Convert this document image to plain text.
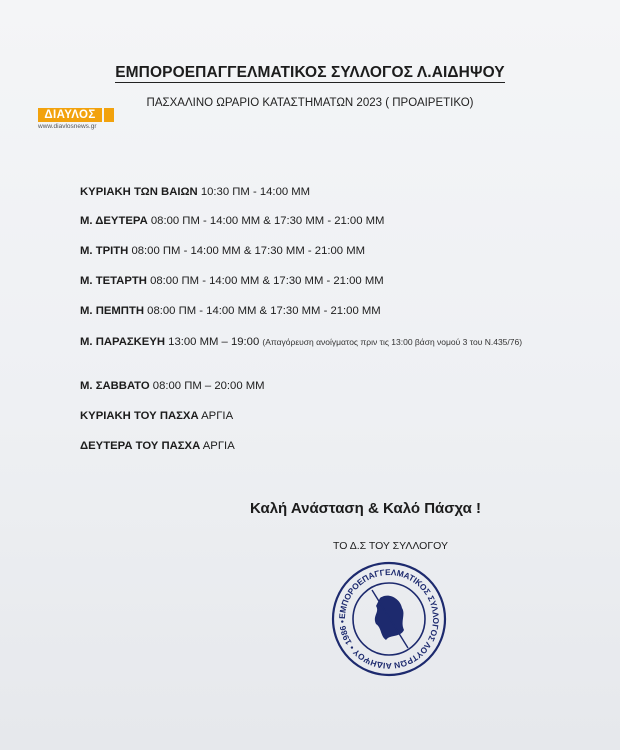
ΕΜΠΟΡΟΕΠΑΓΓΕΛΜΑΤΙΚΟΣ ΣΥΛΛΟΓΟΣ Λ.ΑΙΔΗΨΟΥ
ΠΑΣΧΑΛΙΝΟ ΩΡΑΡΙΟ ΚΑΤΑΣΤΗΜΑΤΩΝ 2023 ( ΠΡΟΑΙΡΕΤΙΚΟ)
ΔΙΑΥΛΟΣ
www.diavlosnews.gr
ΚΥΡΙΑΚΗ ΤΩΝ ΒΑΙΩΝ 10:30 ΠΜ - 14:00 ΜΜ
Μ. ΔΕΥΤΕΡΑ 08:00 ΠΜ - 14:00 ΜΜ & 17:30 ΜΜ - 21:00 ΜΜ
Μ. ΤΡΙΤΗ 08:00 ΠΜ - 14:00 ΜΜ & 17:30 ΜΜ - 21:00 ΜΜ
Μ. ΤΕΤΑΡΤΗ 08:00 ΠΜ - 14:00 ΜΜ & 17:30 ΜΜ - 21:00 ΜΜ
Μ. ΠΕΜΠΤΗ 08:00 ΠΜ - 14:00 ΜΜ & 17:30 ΜΜ - 21:00 ΜΜ
Μ. ΠΑΡΑΣΚΕΥΗ 13:00 ΜΜ – 19:00 (Απαγόρευση ανοίγματος πριν τις 13:00 βάση νομού 3 του Ν.435/76)
Μ. ΣΑΒΒΑΤΟ 08:00 ΠΜ – 20:00 ΜΜ
ΚΥΡΙΑΚΗ ΤΟΥ ΠΑΣΧΑ ΑΡΓΙΑ
ΔΕΥΤΕΡΑ ΤΟΥ ΠΑΣΧΑ ΑΡΓΙΑ
Καλή Ανάσταση & Καλό Πάσχα !
ΤΟ Δ.Σ ΤΟΥ ΣΥΛΛΟΓΟΥ
ΕΜΠΟΡΟΕΠΑΓΓΕΛΜΑΤΙΚΟΣ ΣΥΛΛΟΓΟΣ ΛΟΥΤΡΩΝ ΑΙΔΗΨΟΥ • 1986 •
